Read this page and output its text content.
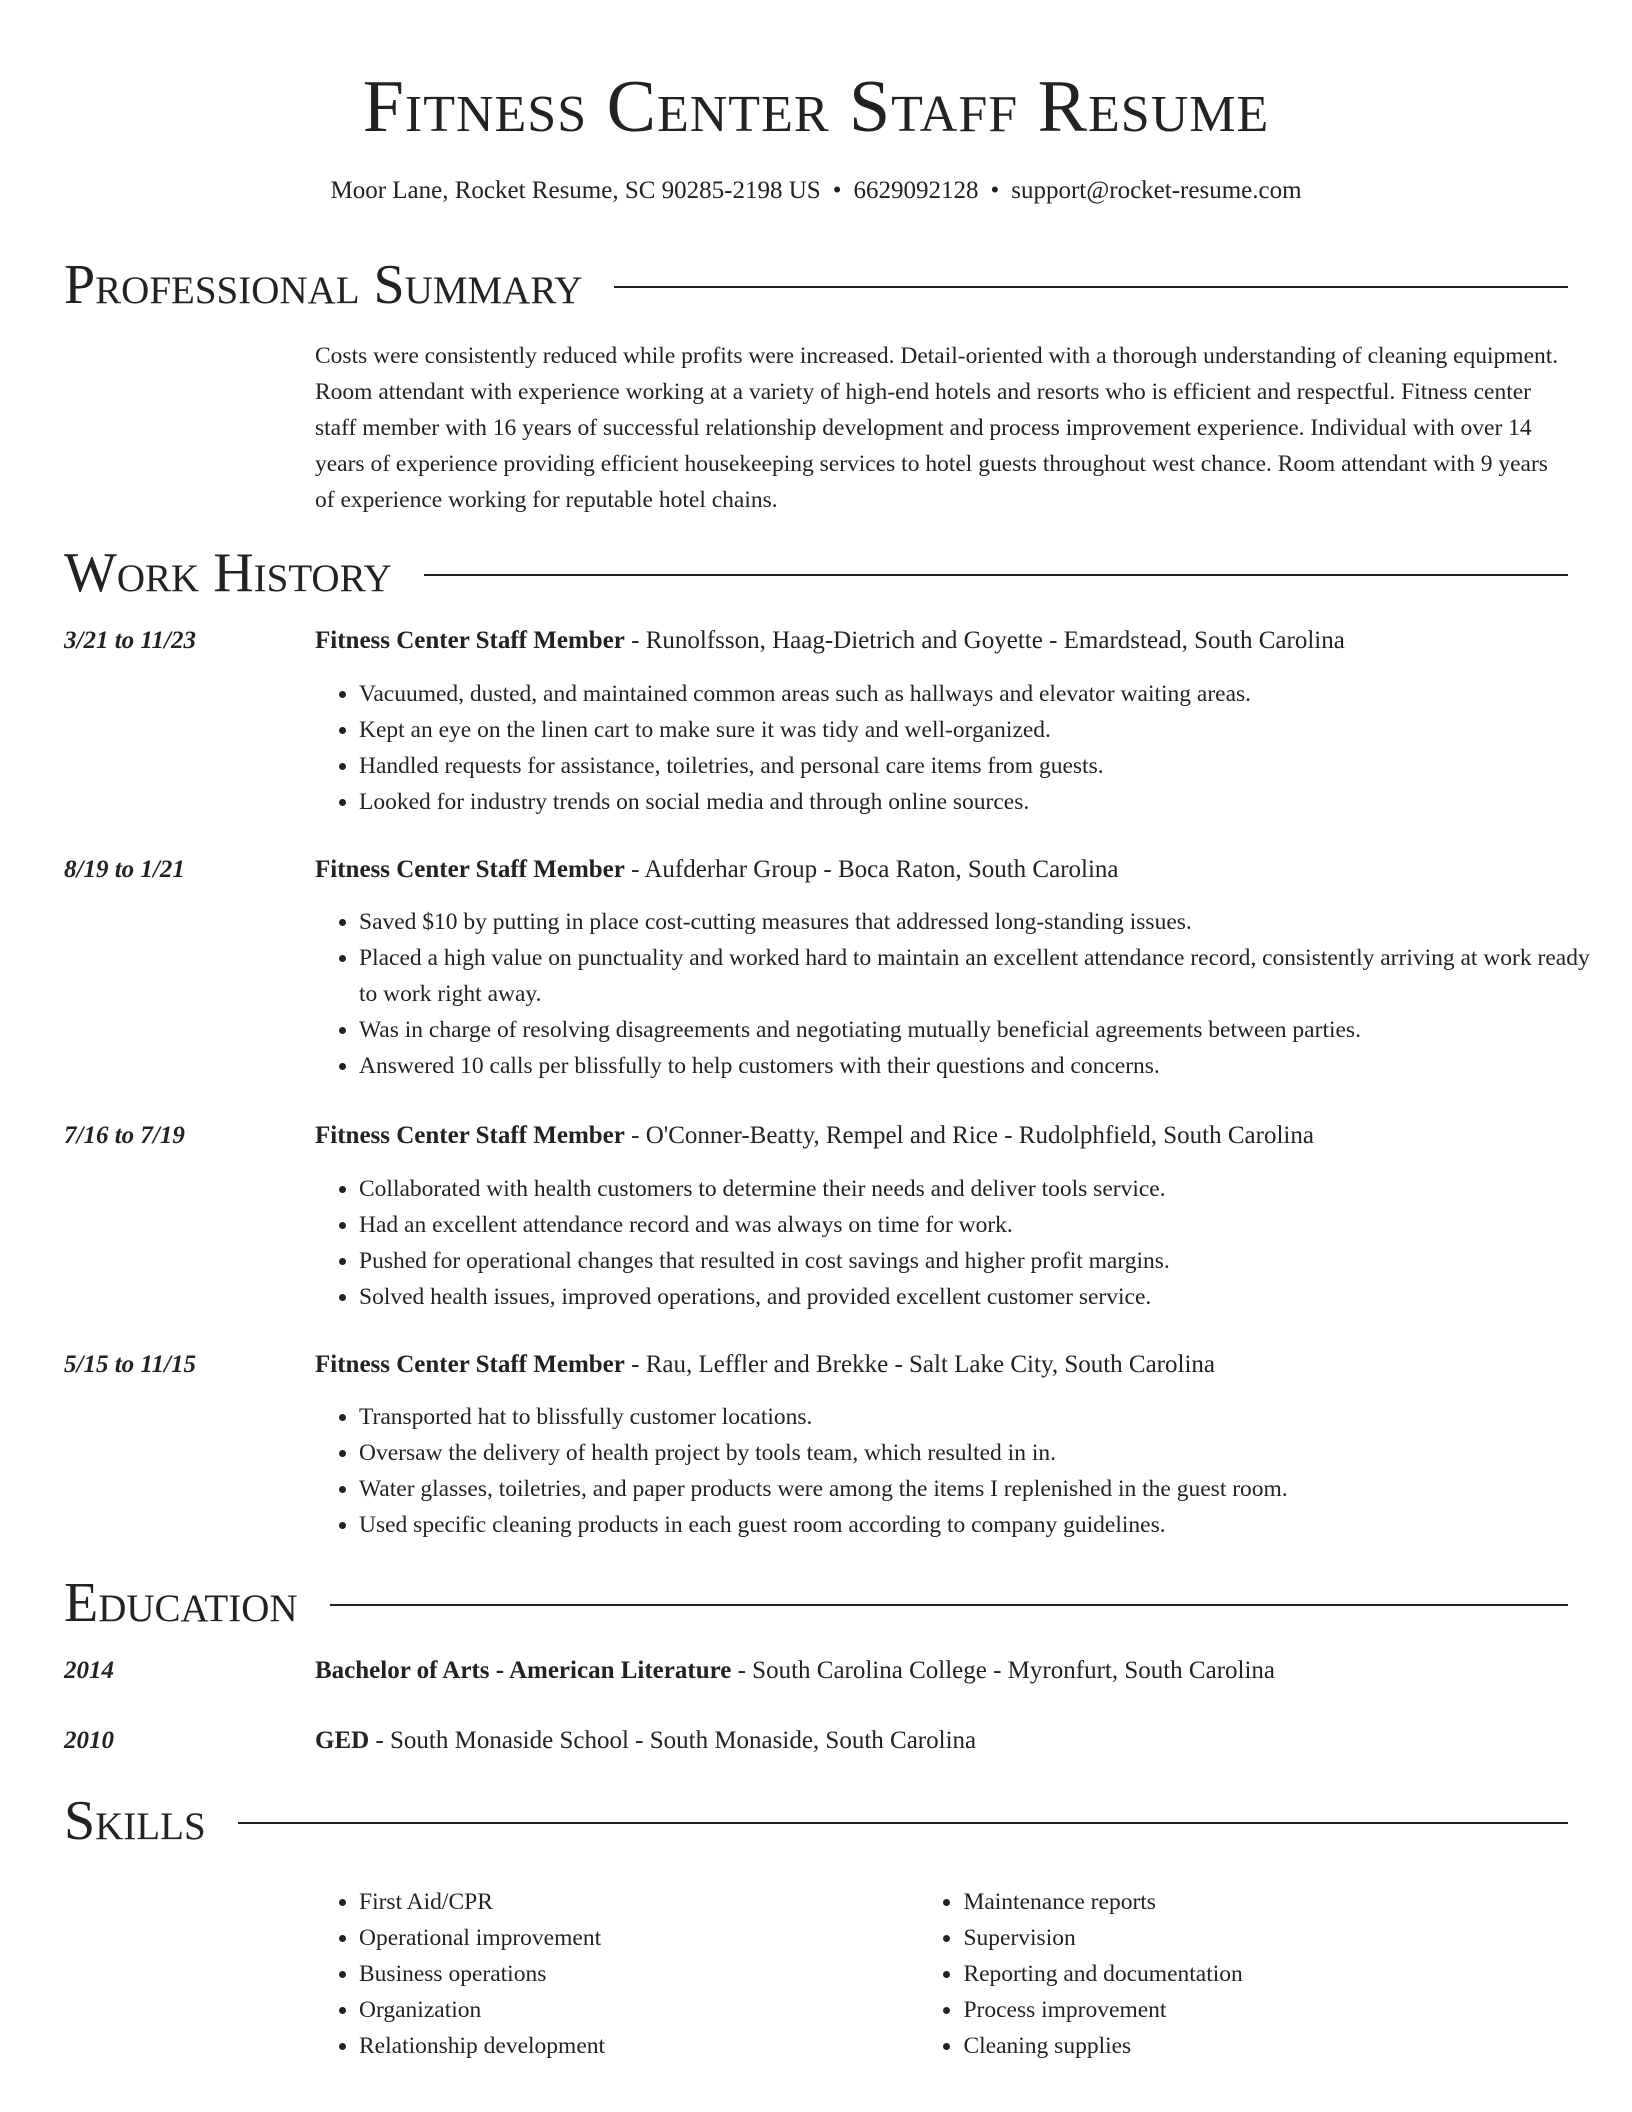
Fitness Center Staff Resume
Moor Lane, Rocket Resume, SC 90285-2198 US • 6629092128 • support@rocket-resume.com
Professional Summary

Costs were consistently reduced while profits were increased. Detail-oriented with a thorough understanding of cleaning equipment. Room attendant with experience working at a variety of high-end hotels and resorts who is efficient and respectful. Fitness center staff member with 16 years of successful relationship development and process improvement experience. Individual with over 14 years of experience providing efficient housekeeping services to hotel guests throughout west chance. Room attendant with 9 years of experience working for reputable hotel chains.

Work History
3/21 to 11/23	Fitness Center Staff Member - Runolfsson, Haag-Dietrich and Goyette - Emardstead, South Carolina
• Vacuumed, dusted, and maintained common areas such as hallways and elevator waiting areas.
• Kept an eye on the linen cart to make sure it was tidy and well-organized.
• Handled requests for assistance, toiletries, and personal care items from guests.
• Looked for industry trends on social media and through online sources.
8/19 to 1/21	Fitness Center Staff Member - Aufderhar Group - Boca Raton, South Carolina
• Saved $10 by putting in place cost-cutting measures that addressed long-standing issues.
• Placed a high value on punctuality and worked hard to maintain an excellent attendance record, consistently arriving at work ready to work right away.
• Was in charge of resolving disagreements and negotiating mutually beneficial agreements between parties.
• Answered 10 calls per blissfully to help customers with their questions and concerns.
7/16 to 7/19	Fitness Center Staff Member - O'Conner-Beatty, Rempel and Rice - Rudolphfield, South Carolina
• Collaborated with health customers to determine their needs and deliver tools service.
• Had an excellent attendance record and was always on time for work.
• Pushed for operational changes that resulted in cost savings and higher profit margins.
• Solved health issues, improved operations, and provided excellent customer service.
5/15 to 11/15	Fitness Center Staff Member - Rau, Leffler and Brekke - Salt Lake City, South Carolina
• Transported hat to blissfully customer locations.
• Oversaw the delivery of health project by tools team, which resulted in in.
• Water glasses, toiletries, and paper products were among the items I replenished in the guest room.
• Used specific cleaning products in each guest room according to company guidelines.
Education
2014	Bachelor of Arts - American Literature - South Carolina College - Myronfurt, South Carolina
2010	GED - South Monaside School - South Monaside, South Carolina
Skills
• First Aid/CPR
• Operational improvement
• Business operations
• Organization
• Relationship development
• Maintenance reports
• Supervision
• Reporting and documentation
• Process improvement
• Cleaning supplies
